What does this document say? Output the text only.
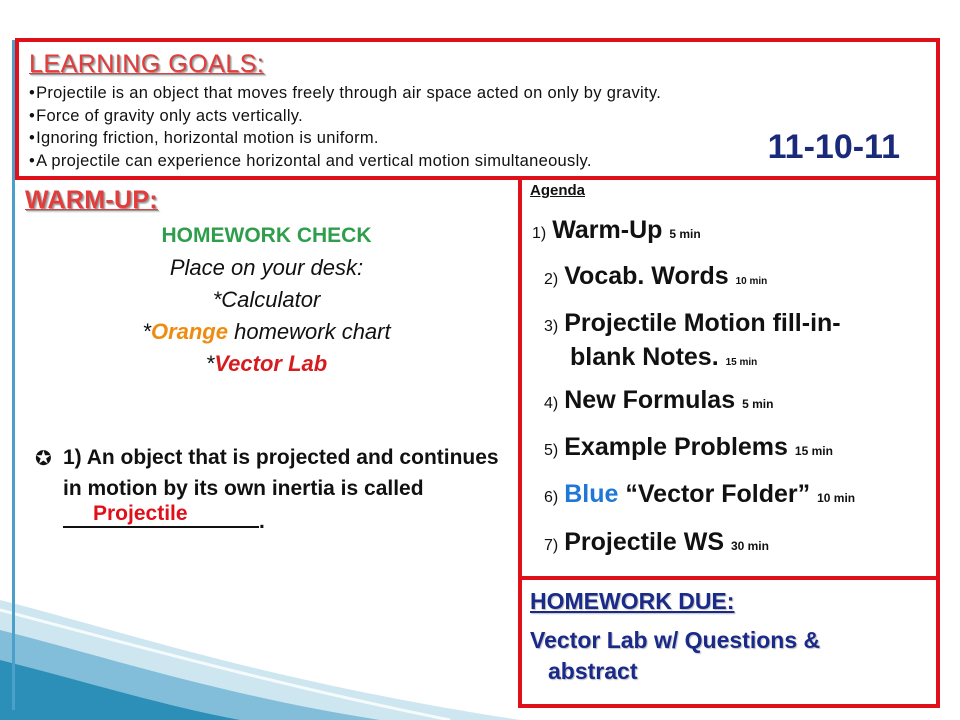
LEARNING GOALS:
• Projectile is an object that moves freely through air space acted on only by gravity.
• Force of gravity only acts vertically.
• Ignoring friction, horizontal motion is uniform.
• A projectile can experience horizontal and vertical motion simultaneously.	11-10-11
WARM-UP:
HOMEWORK CHECK
Place on your desk:
*Calculator
*Orange homework chart
*Vector Lab
✪ 1) An object that is projected and continues in motion by its own inertia is called
Projectile	.
Agenda
1) Warm-Up 5 min
2) Vocab. Words 10 min
3) Projectile Motion fill-in-
blank Notes. 15 min
4) New Formulas 5 min
5) Example Problems 15 min
6) Blue “Vector Folder” 10 min
7) Projectile WS 30 min
HOMEWORK DUE:
Vector Lab w/ Questions &
abstract
